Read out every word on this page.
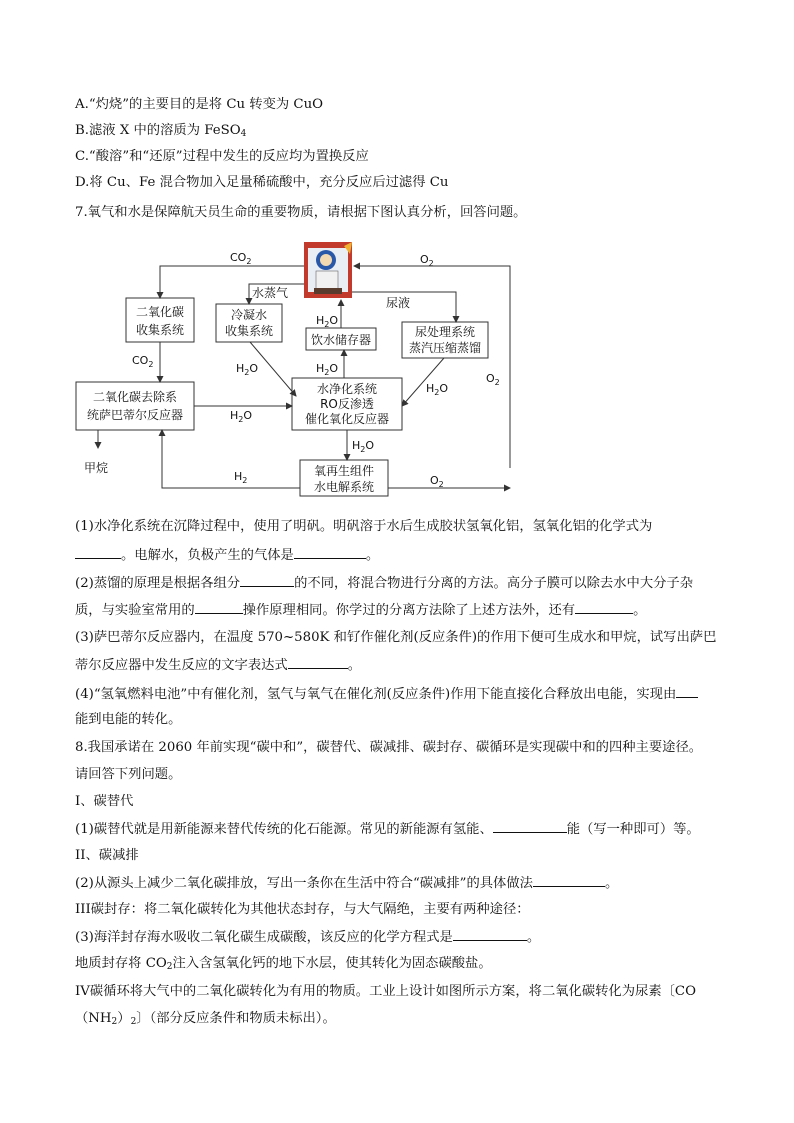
A.“灼烧”的主要目的是将 Cu 转变为 CuO
B.滤液 X 中的溶质为 FeSO$_4$
C.“酸溶”和“还原”过程中发生的反应均为置换反应
D.将 Cu、Fe 混合物加入足量稀硫酸中，充分反应后过滤得 Cu
7.氧气和水是保障航天员生命的重要物质，请根据下图认真分析，回答问题。
二氧化碳
收集系统
冷凝水
收集系统
饮水储存器
尿处理系统
蒸汽压缩蒸馏
二氧化碳去除系
统萨巴蒂尔反应器
水净化系统
RO反渗透
催化氧化反应器
氧再生组件
水电解系统
$CO_2$	$O_2$
水蒸气
尿液
$H_2O$
$H_2O$
$H_2O$
$H_2O$
$CO_2$
$H_2O$
$H_2O$
$H_2$	$O_2$
$O_2$
甲烷
(1)水净化系统在沉降过程中，使用了明矾。明矾溶于水后生成胶状氢氧化铝，氢氧化铝的化学式为
。电解水，负极产生的气体是	。
(2)蒸馏的原理是根据各组分	的不同，将混合物进行分离的方法。高分子膜可以除去水中大分子杂
质，与实验室常用的	操作原理相同。你学过的分离方法除了上述方法外，还有	。
(3)萨巴蒂尔反应器内，在温度 570~580K 和钌作催化剂(反应条件)的作用下便可生成水和甲烷，试写出萨巴
蒂尔反应器中发生反应的文字表达式	。
(4)“氢氧燃料电池”中有催化剂，氢气与氧气在催化剂(反应条件)作用下能直接化合释放出电能，实现由
能到电能的转化。
8.我国承诺在 2060 年前实现“碳中和”，碳替代、碳减排、碳封存、碳循环是实现碳中和的四种主要途径。
请回答下列问题。
I、碳替代
(1)碳替代就是用新能源来替代传统的化石能源。常见的新能源有氢能、	能（写一种即可）等。
II、碳减排
(2)从源头上减少二氧化碳排放，写出一条你在生活中符合“碳减排”的具体做法	。
III碳封存：将二氧化碳转化为其他状态封存，与大气隔绝，主要有两种途径：
(3)海洋封存海水吸收二氧化碳生成碳酸，该反应的化学方程式是	。
地质封存将 $CO_2$注入含氢氧化钙的地下水层，使其转化为固态碳酸盐。
IV碳循环将大气中的二氧化碳转化为有用的物质。工业上设计如图所示方案，将二氧化碳转化为尿素〔CO
$(NH_2)_2$〕（部分反应条件和物质未标出）。
